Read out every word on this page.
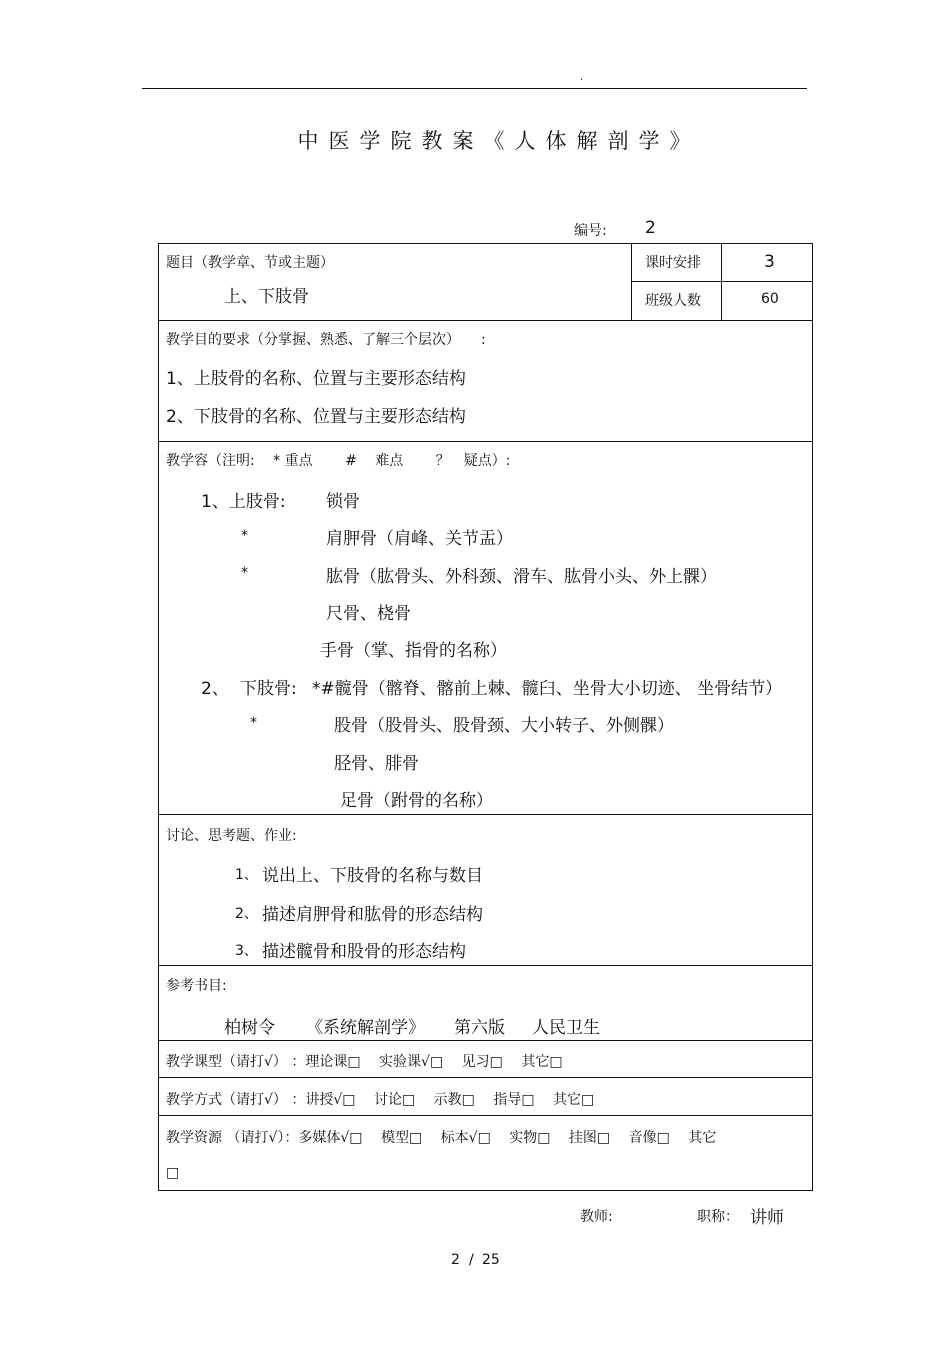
.
中医学院教案《人体解剖学》
编号: 2
题目（教学章、节或主题）
上、下肢骨
课时安排	3
班级人数	60
教学目的要求（分掌握、熟悉、了解三个层次）　　:
1、上肢骨的名称、位置与主要形态结构
2、下肢骨的名称、位置与主要形态结构
教学容（注明: 　* 重点　　 # 　难点　　 ？　疑点）:
1、上肢骨: 锁骨
*	肩胛骨（肩峰、关节盂）
*	肱骨（肱骨头、外科颈、滑车、肱骨小头、外上髁）
尺骨、桡骨
手骨（掌、指骨的名称）
2、 下肢骨: *#髋骨（髂脊、髂前上棘、髋臼、坐骨大小切迹、 坐骨结节）
*	股骨（股骨头、股骨颈、大小转子、外侧髁）
胫骨、腓骨
足骨（跗骨的名称）
讨论、思考题、作业:
1、 说出上、下肢骨的名称与数目
2、 描述肩胛骨和肱骨的形态结构
3、 描述髋骨和股骨的形态结构
参考书目:
柏树令 《系统解剖学》 第六版 人民卫生
教学课型（请打√） ：理论课□　 实验课√□　 见习□　 其它□
教学方式（请打√） ：讲授√□　 讨论□　 示教□　 指导□　 其它□
教学资源 （请打√）：多媒体√□　 模型□　 标本√□　 实物□　 挂图□　 音像□　 其它
□
教师:	职称： 讲师
2 / 25
